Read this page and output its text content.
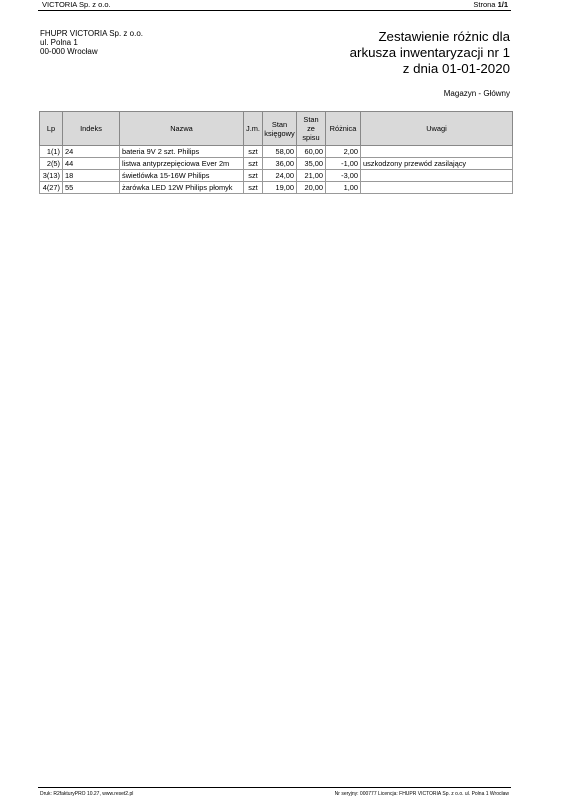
VICTORIA Sp. z o.o.	Strona 1/1
FHUPR VICTORIA Sp. z o.o.
ul. Polna 1
00-000 Wrocław
Zestawienie różnic dla
arkusza inwentaryzacji nr 1
z dnia 01-01-2020
Magazyn - Główny
Lp	Indeks	Nazwa	J.m.	Stan
księgowy	Stan
ze
spisu	Różnica	Uwagi
1(1)	24	bateria 9V 2 szt. Philips	szt	58,00	60,00	2,00	
2(5)	44	listwa antyprzepięciowa Ever 2m	szt	36,00	35,00	-1,00	uszkodzony przewód zasilający
3(13)	18	świetlówka 15-16W Philips	szt	24,00	21,00	-3,00	
4(27)	55	żarówka LED 12W Philips płomyk	szt	19,00	20,00	1,00	
Druk: R2fakturyPRO 10.27, www.reset2.pl	Nr seryjny: 000777 Licencja: FHUPR VICTORIA Sp. z o.o. ul. Polna 1 Wrocław
